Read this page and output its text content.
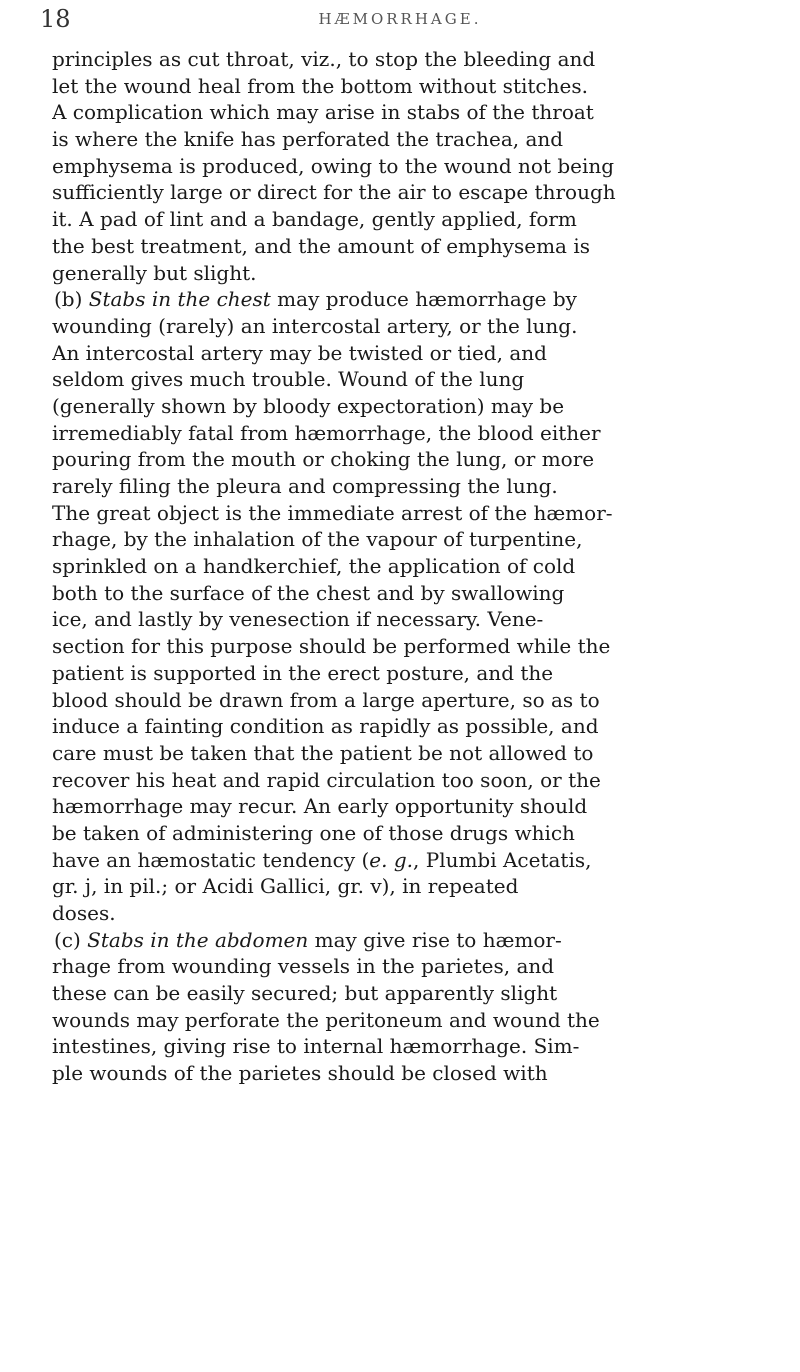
18	HÆMORRHAGE.
principles as cut throat, viz., to stop the bleeding and
let the wound heal from the bottom without stitches.
A complication which may arise in stabs of the throat
is where the knife has perforated the trachea, and
emphysema is produced, owing to the wound not being
sufficiently large or direct for the air to escape through
it. A pad of lint and a bandage, gently applied, form
the best treatment, and the amount of emphysema is
generally but slight.
(b) Stabs in the chest may produce hæmorrhage by
wounding (rarely) an intercostal artery, or the lung.
An intercostal artery may be twisted or tied, and
seldom gives much trouble. Wound of the lung
(generally shown by bloody expectoration) may be
irremediably fatal from hæmorrhage, the blood either
pouring from the mouth or choking the lung, or more
rarely filing the pleura and compressing the lung.
The great object is the immediate arrest of the hæmor-
rhage, by the inhalation of the vapour of turpentine,
sprinkled on a handkerchief, the application of cold
both to the surface of the chest and by swallowing
ice, and lastly by venesection if necessary. Vene-
section for this purpose should be performed while the
patient is supported in the erect posture, and the
blood should be drawn from a large aperture, so as to
induce a fainting condition as rapidly as possible, and
care must be taken that the patient be not allowed to
recover his heat and rapid circulation too soon, or the
hæmorrhage may recur. An early opportunity should
be taken of administering one of those drugs which
have an hæmostatic tendency (e. g., Plumbi Acetatis,
gr. j, in pil.; or Acidi Gallici, gr. v), in repeated
doses.
(c) Stabs in the abdomen may give rise to hæmor-
rhage from wounding vessels in the parietes, and
these can be easily secured; but apparently slight
wounds may perforate the peritoneum and wound the
intestines, giving rise to internal hæmorrhage. Sim-
ple wounds of the parietes should be closed with
